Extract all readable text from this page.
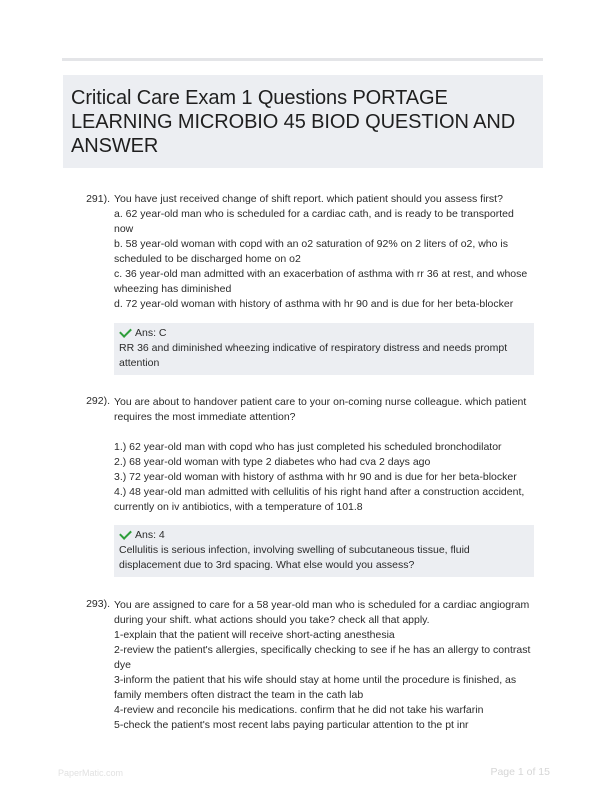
Critical Care Exam 1 Questions PORTAGE LEARNING MICROBIO 45 BIOD QUESTION AND ANSWER
291). You have just received change of shift report. which patient should you assess first?
a. 62 year-old man who is scheduled for a cardiac cath, and is ready to be transported
now
b. 58 year-old woman with copd with an o2 saturation of 92% on 2 liters of o2, who is
scheduled to be discharged home on o2
c. 36 year-old man admitted with an exacerbation of asthma with rr 36 at rest, and whose
wheezing has diminished
d. 72 year-old woman with history of asthma with hr 90 and is due for her beta-blocker
Ans: C
RR 36 and diminished wheezing indicative of respiratory distress and needs prompt
attention
292). You are about to handover patient care to your on-coming nurse colleague. which patient
requires the most immediate attention?
1.) 62 year-old man with copd who has just completed his scheduled bronchodilator
2.) 68 year-old woman with type 2 diabetes who had cva 2 days ago
3.) 72 year-old woman with history of asthma with hr 90 and is due for her beta-blocker
4.) 48 year-old man admitted with cellulitis of his right hand after a construction accident,
currently on iv antibiotics, with a temperature of 101.8
Ans: 4
Cellulitis is serious infection, involving swelling of subcutaneous tissue, fluid
displacement due to 3rd spacing. What else would you assess?
293). You are assigned to care for a 58 year-old man who is scheduled for a cardiac angiogram
during your shift. what actions should you take? check all that apply.
1-explain that the patient will receive short-acting anesthesia
2-review the patient's allergies, specifically checking to see if he has an allergy to contrast
dye
3-inform the patient that his wife should stay at home until the procedure is finished, as
family members often distract the team in the cath lab
4-review and reconcile his medications. confirm that he did not take his warfarin
5-check the patient's most recent labs paying particular attention to the pt inr
PaperMatic.com	Page 1 of 15
